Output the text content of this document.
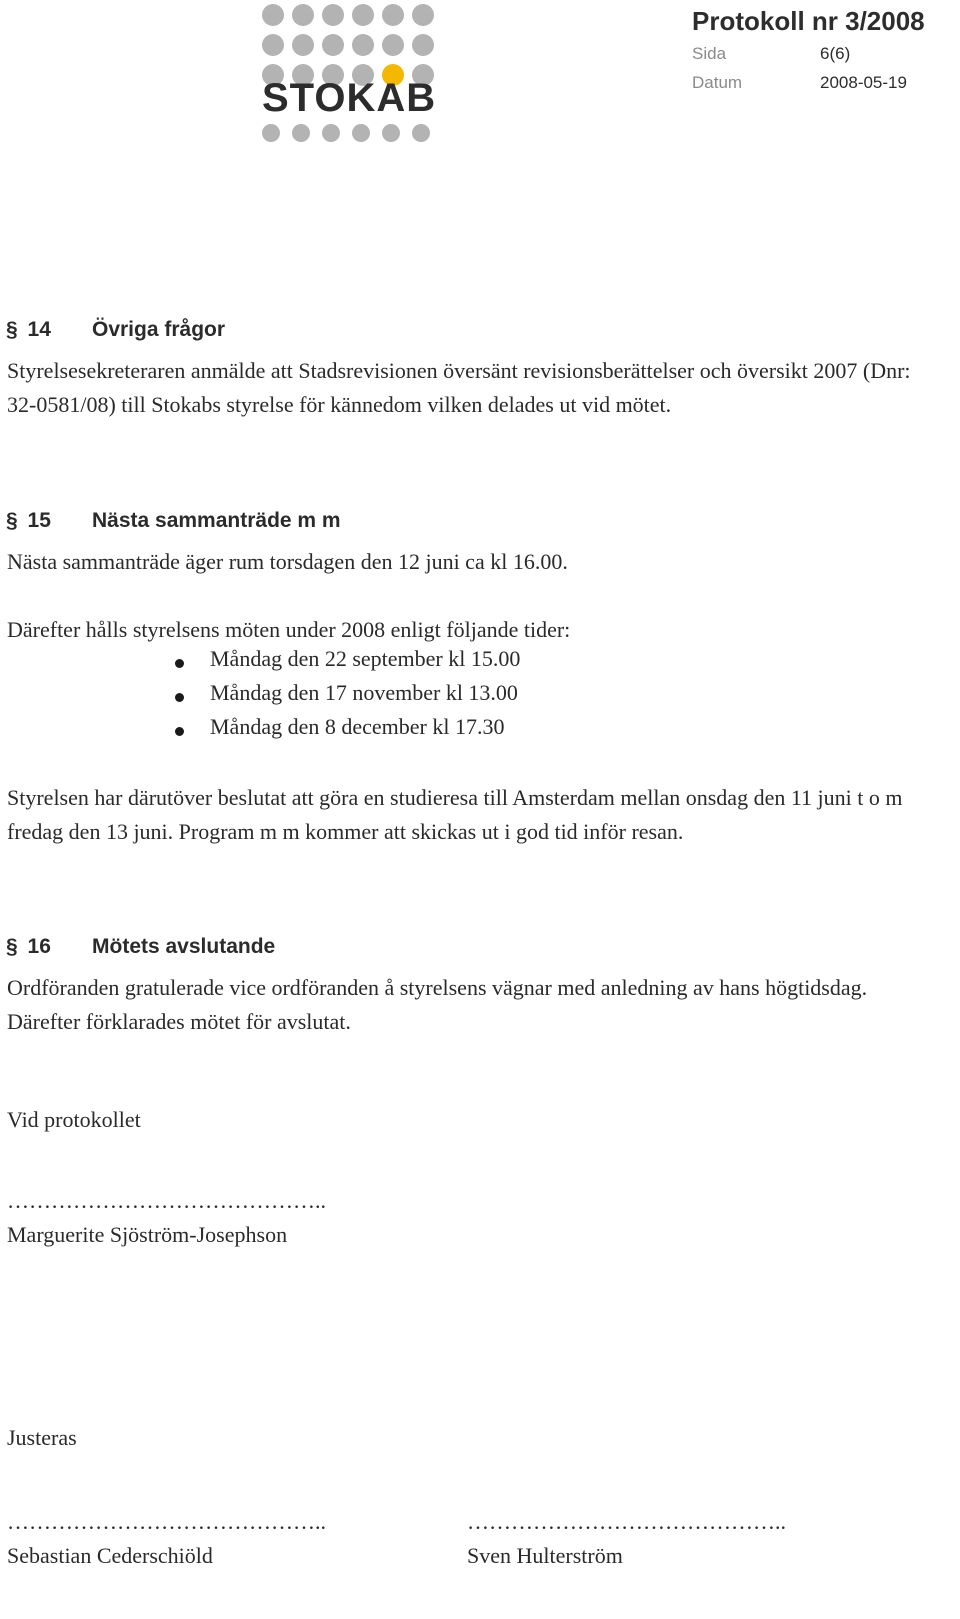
STOKAB
Protokoll nr 3/2008
Sida	6(6)
Datum	2008-05-19
§ 14 Övriga frågor
Styrelsesekreteraren anmälde att Stadsrevisionen översänt revisionsberättelser och översikt 2007 (Dnr: 32-0581/08) till Stokabs styrelse för kännedom vilken delades ut vid mötet.
§ 15 Nästa sammanträde m m
Nästa sammanträde äger rum torsdagen den 12 juni ca kl 16.00.
Därefter hålls styrelsens möten under 2008 enligt följande tider:
Måndag den 22 september kl 15.00
Måndag den 17 november kl 13.00
Måndag den 8 december kl 17.30
Styrelsen har därutöver beslutat att göra en studieresa till Amsterdam mellan onsdag den 11 juni t o m fredag den 13 juni. Program m m kommer att skickas ut i god tid inför resan.
§ 16 Mötets avslutande
Ordföranden gratulerade vice ordföranden å styrelsens vägnar med anledning av hans högtidsdag. Därefter förklarades mötet för avslutat.
Vid protokollet
……………………………………..
Marguerite Sjöström-Josephson
Justeras
……………………………………..	……………………………………..
Sebastian Cederschiöld	Sven Hulterström
